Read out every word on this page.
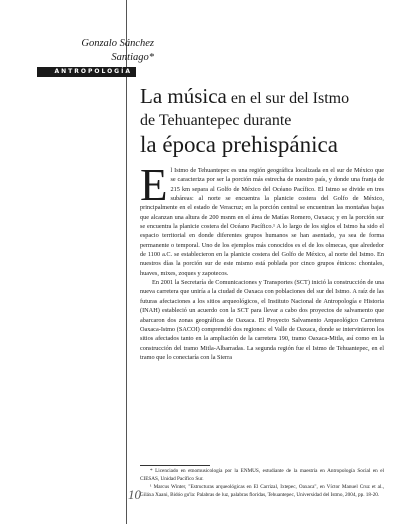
Gonzalo Sánchez
Santiago*
ANTROPOLOGÍA
La música en el sur del Istmo
de Tehuantepec durante
la época prehispánica

El Istmo de Tehuantepec es una región geográfica localizada en el sur de México que se caracteriza por ser la porción más estrecha de nuestro país, y donde una franja de 215 km separa al Golfo de México del Océano Pacífico. El Istmo se divide en tres subáreas: al norte se encuentra la planicie costera del Golfo de México, principalmente en el estado de Veracruz; en la porción central se encuentran las montañas bajas que alcanzan una altura de 200 msnm en el área de Matías Romero, Oaxaca; y en la porción sur se encuentra la planicie costera del Océano Pacífico.¹ A lo largo de los siglos el Istmo ha sido el espacio territorial en donde diferentes grupos humanos se han asentado, ya sea de forma permanente o temporal. Uno de los ejemplos más conocidos es el de los olmecas, que alrededor de 1100 a.C. se establecieron en la planicie costera del Golfo de México, al norte del Istmo. En nuestros días la porción sur de este mismo está poblada por cinco grupos étnicos: chontales, huaves, mixes, zoques y zapotecos.

En 2001 la Secretaría de Comunicaciones y Transportes (SCT) inició la construcción de una nueva carretera que uniría a la ciudad de Oaxaca con poblaciones del sur del Istmo. A raíz de las futuras afectaciones a los sitios arqueológicos, el Instituto Nacional de Antropología e Historia (INAH) estableció un acuerdo con la SCT para llevar a cabo dos proyectos de salvamento que abarcaron dos zonas geográficas de Oaxaca. El Proyecto Salvamento Arqueológico Carretera Oaxaca-Istmo (SACOI) comprendió dos regiones: el Valle de Oaxaca, donde se intervinieron los sitios afectados tanto en la ampliación de la carretera 190, tramo Oaxaca-Mitla, así como en la construcción del tramo Mitla-Albarradas. La segunda región fue el Istmo de Tehuantepec, en el tramo que lo conectaría con la Sierra

* Licenciado en etnomusicología por la ENMUS, estudiante de la maestría en Antropología Social en el CIESAS, Unidad Pacífico Sur.

¹ Marcus Winter, "Estructuras arqueológicas en El Carrizal, Ixtepec, Oaxaca", en Víctor Manuel Cruz et al., Giláxa Xaani, Bidóo gu'la: Palabras de luz, palabras floridas, Tehuantepec, Universidad del Istmo, 2004, pp. 18-20.

10
